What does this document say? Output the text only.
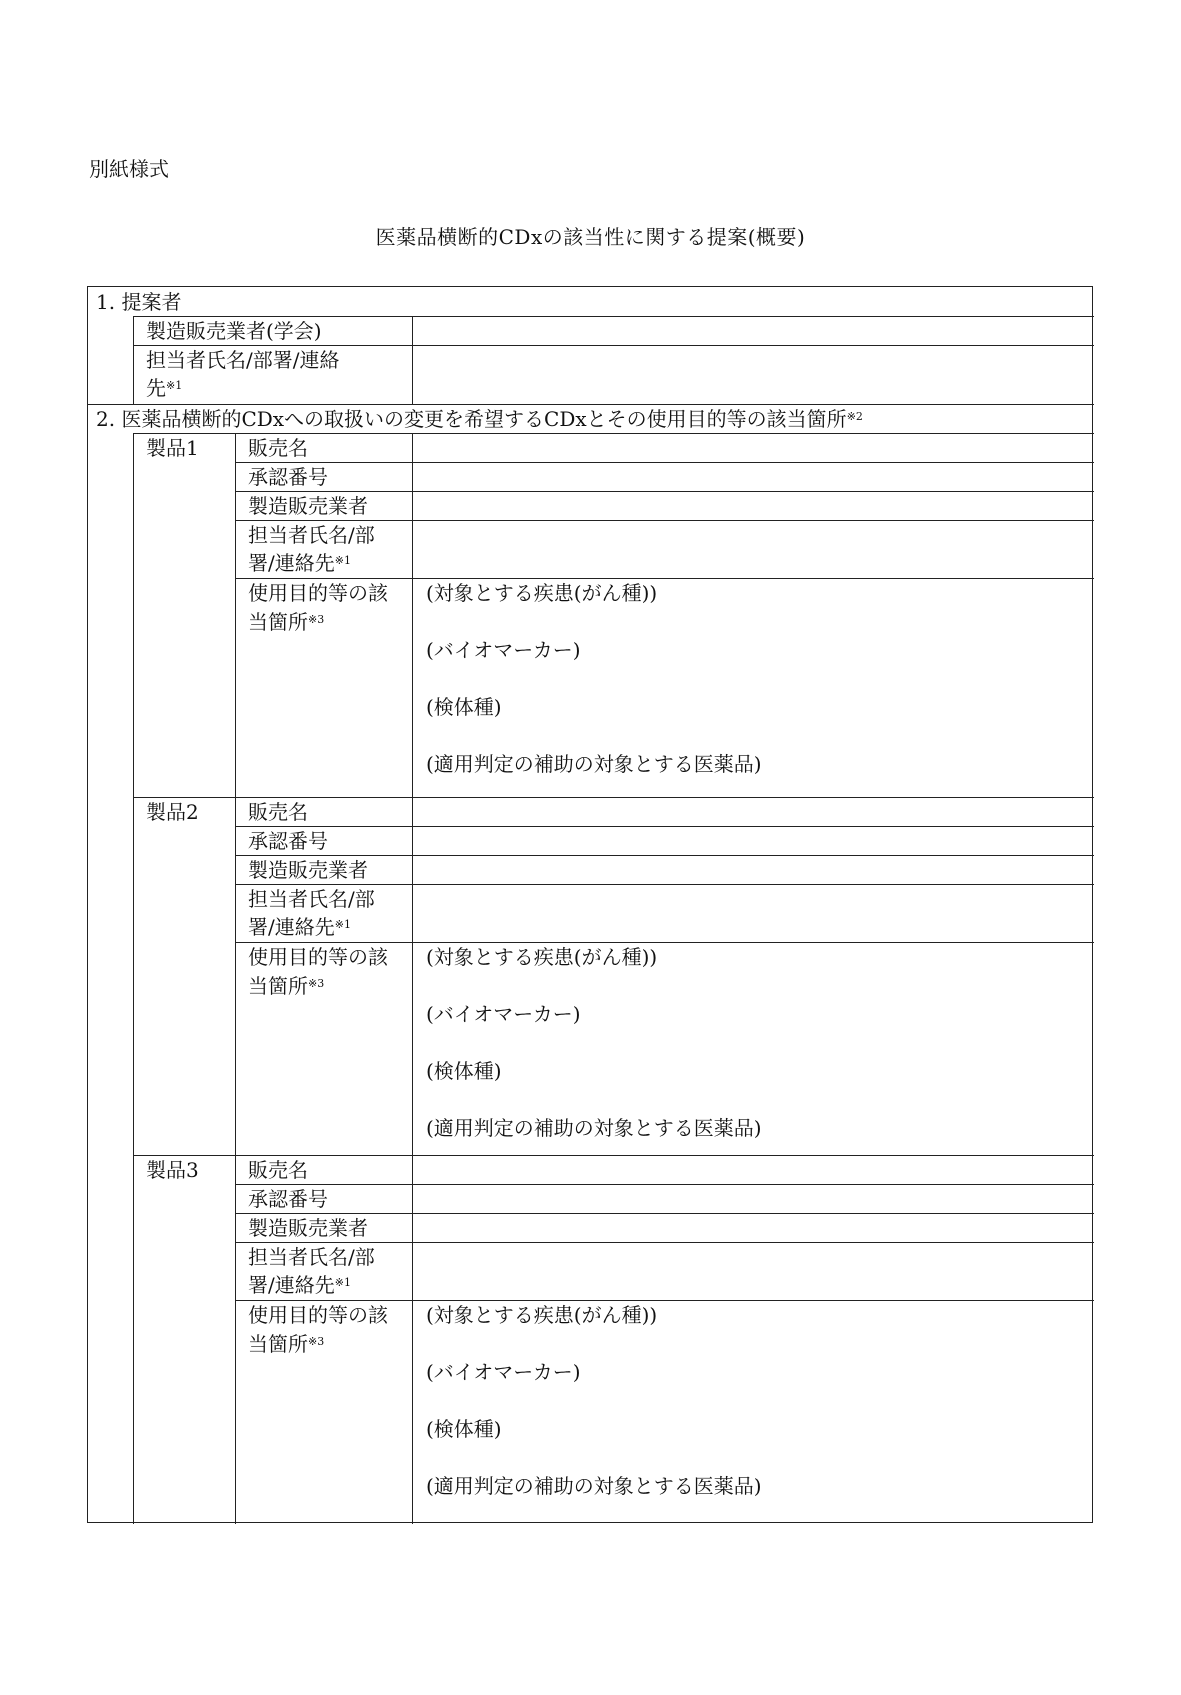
別紙様式
医薬品横断的CDxの該当性に関する提案(概要)
1. 提案者
製造販売業者(学会)
担当者氏名/部署/連絡
先$^{※1}$
2. 医薬品横断的CDxへの取扱いの変更を希望するCDxとその使用目的等の該当箇所$^{※2}$
製品1 販売名
承認番号
製造販売業者
担当者氏名/部
署/連絡先$^{※1}$
使用目的等の該
当箇所$^{※3}$
(対象とする疾患(がん種))
(バイオマーカー)
(検体種)
(適用判定の補助の対象とする医薬品)
製品2 販売名
承認番号
製造販売業者
担当者氏名/部
署/連絡先$^{※1}$
使用目的等の該
当箇所$^{※3}$
(対象とする疾患(がん種))
(バイオマーカー)
(検体種)
(適用判定の補助の対象とする医薬品)
製品3 販売名
承認番号
製造販売業者
担当者氏名/部
署/連絡先$^{※1}$
使用目的等の該
当箇所$^{※3}$
(対象とする疾患(がん種))
(バイオマーカー)
(検体種)
(適用判定の補助の対象とする医薬品)
